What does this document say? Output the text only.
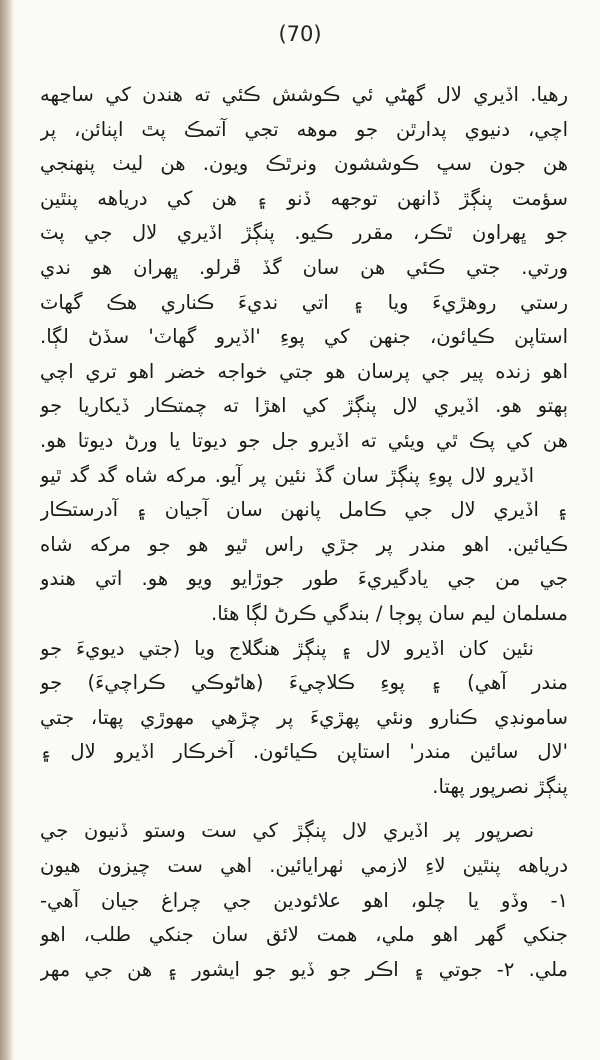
(70)
رهيا. اڏيري لال گهڻي ئي ڪوشش ڪئي ته هندن کي ساڃهه
اچي، دنيوي پدارٿن جو موهه تجي آتمڪ پٿ اپنائن، پر
هن جون سڀ ڪوششون ونرٿڪ ويون. هن ليٺ پنهنجي
سؤمت پنڳڙ ڏانهن توجهه ڏنو ۽ هن کي درياهه پنٿين
جو ڀهراون ٿڪر، مقرر ڪيو. پنڳڙ اڏيري لال جي پٽ
ورتي. جتي ڪئي هن سان گڏ ڦرلو. ڀهران هو ندي
رستي روهڙيءَ ويا ۽ اتي نديءَ ڪناري هڪ گهاٽ
استاپن ڪيائون، جنهن کي پوءِ 'اڏيرو گهاٽ' سڏڻ لڳا.
اهو زنده پير جي پرسان هو جتي خواجه خضر اهو تري اچي
ٻهتو هو. اڏيري لال پنڳڙ کي اهڙا ته چمتڪار ڏيکاريا جو
هن کي پڪ ٿي ويئي ته اڏيرو جل جو ديوتا يا ورڻ ديوتا هو.
اڏيرو لال پوءِ پنڳڙ سان گڏ نئين پر آيو. مرکه شاه گد گد ٿيو
۽ اڏيري لال جي ڪامل پانهن سان آجيان ۽ آدرستڪار
ڪيائين. اهو مندر پر جڙي راس ٿيو هو جو مرکه شاه
جي من جي يادگيريءَ طور جوڙايو ويو هو. اتي هندو
مسلمان ليم سان پوڄا / بندگي ڪرڻ لڳا هئا.
نئين کان اڏيرو لال ۽ پنڳڙ هنگلاج ويا (جتي ديويءَ جو
مندر آهي) ۽ پوءِ ڪلاچيءَ (هاڻوڪي ڪراچيءَ) جو
سامونڊي ڪنارو ونئي پهڙيءَ پر چڙهي مهوڙي پهتا، جتي
'لال سائين مندر' استاپن ڪيائون. آخرڪار اڏيرو لال ۽
پنڳڙ نصرپور پهتا.
نصرپور پر اڏيري لال پنڳڙ کي ست وستو ڏنيون جي
درياهه پنٿين لاءِ لازمي ٺهرايائين. اهي ست چيزون هيون
١- وڏو يا چلو، اهو علائودين جي چراغ جيان آهي-
جنکي گهر اهو ملي، همت لائق سان جنکي طلب، اهو
ملي. ٢- جوتي ۽ اڪر جو ڏيو جو ايشور ۽ هن جي مهر
